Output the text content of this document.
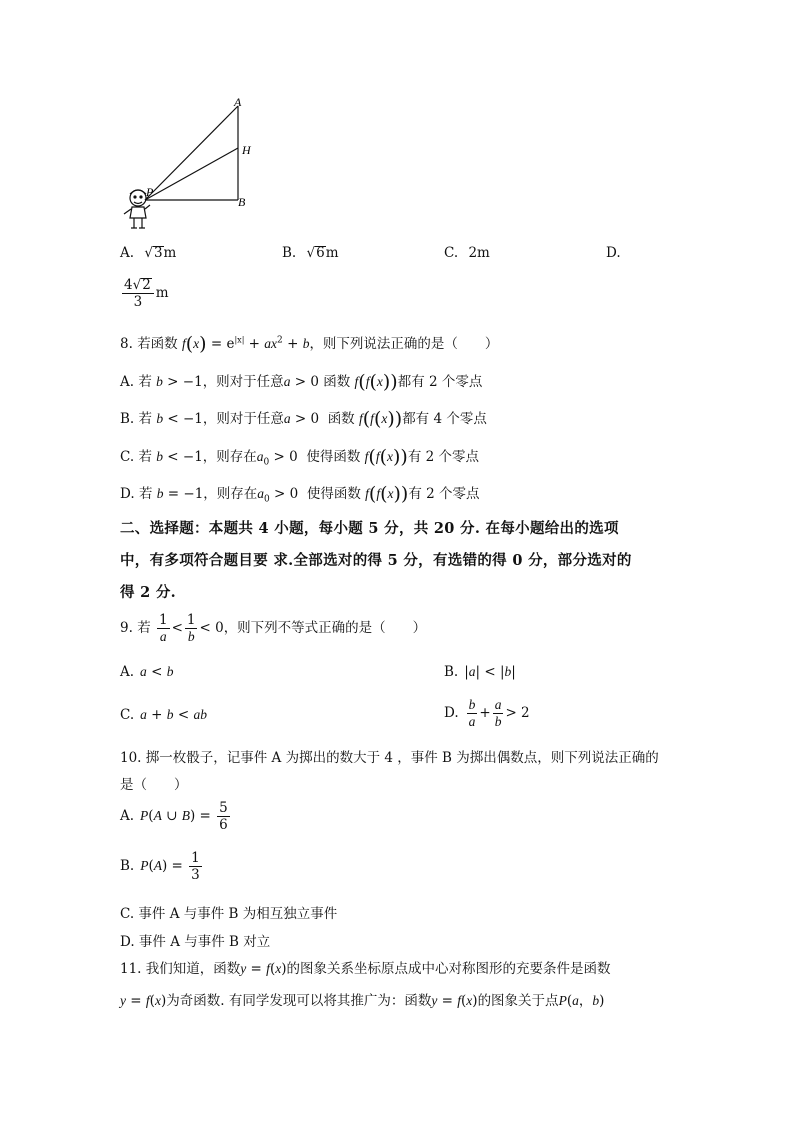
A
H
P
B
A. √3m	B. √6m	C. 2m	D.
$\frac{4√2}{3}$ m
8. 若函数 $f(x) = e^{|x|} + ax^2 + b$，则下列说法正确的是（　　）
A. 若 b > −1，则对于任意a > 0 函数 f(f(x))都有 2 个零点
B. 若 b < −1，则对于任意a > 0  函数 f(f(x))都有 4 个零点
C. 若 b < −1，则存在$a_0 > 0$  使得函数 f(f(x))有 2 个零点
D. 若 b = −1，则存在$a_0 > 0$  使得函数 f(f(x))有 2 个零点
二、选择题：本题共 4 小题，每小题 5 分，共 20 分. 在每小题给出的选项
中，有多项符合题目要 求.全部选对的得 5 分，有选错的得 0 分，部分选对的
得 2 分.
9. 若 $\frac{1}{a} < \frac{1}{b} < 0$，则下列不等式正确的是（　　）
A. a < b	B. |a| < |b|
C. a + b < ab	D. $\frac{b}{a} + \frac{a}{b} > 2$
10. 掷一枚骰子，记事件 A 为掷出的数大于 4 ，事件 B 为掷出偶数点，则下列说法正确的
是（　　）
A. P(A ∪ $B) = \frac{5}{6}$
B. $P(A) = \frac{1}{3}$
C. 事件 A 与事件 B 为相互独立事件
D. 事件 A 与事件 B 对立
11. 我们知道，函数y = f(x)的图象关系坐标原点成中心对称图形的充要条件是函数
y = f(x)为奇函数. 有同学发现可以将其推广为：函数y = f(x)的图象关于点P(a，b)
